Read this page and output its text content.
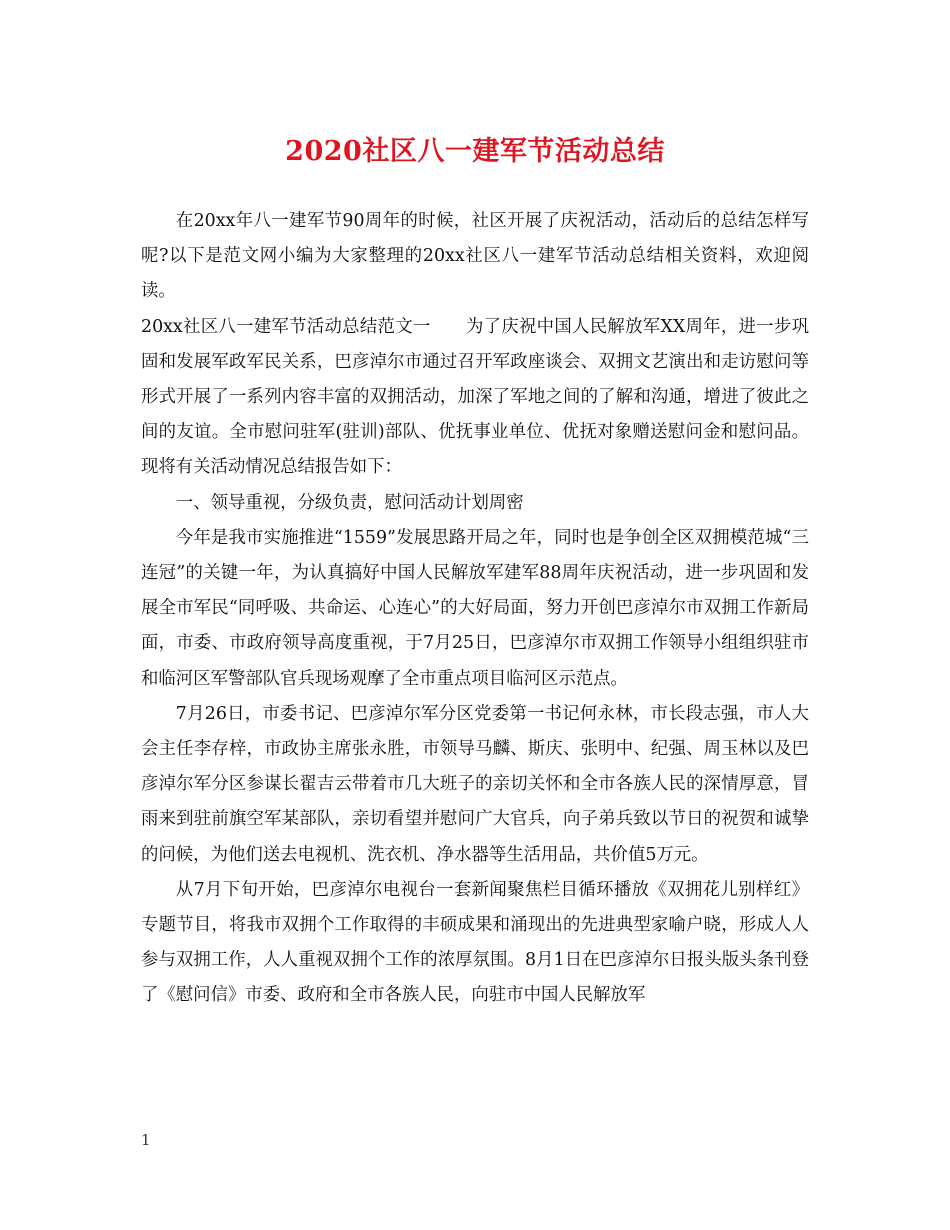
2020社区八一建军节活动总结

在20xx年八一建军节90周年的时候，社区开展了庆祝活动，活动后的总结怎样写呢?以下是范文网小编为大家整理的20xx社区八一建军节活动总结相关资料，欢迎阅读。

20xx社区八一建军节活动总结范文一　　为了庆祝中国人民解放军XX周年，进一步巩固和发展军政军民关系，巴彦淖尔市通过召开军政座谈会、双拥文艺演出和走访慰问等形式开展了一系列内容丰富的双拥活动，加深了军地之间的了解和沟通，增进了彼此之间的友谊。全市慰问驻军(驻训)部队、优抚事业单位、优抚对象赠送慰问金和慰问品。现将有关活动情况总结报告如下：

一、领导重视，分级负责，慰问活动计划周密

今年是我市实施推进“1559”发展思路开局之年，同时也是争创全区双拥模范城“三连冠”的关键一年，为认真搞好中国人民解放军建军88周年庆祝活动，进一步巩固和发展全市军民“同呼吸、共命运、心连心”的大好局面，努力开创巴彦淖尔市双拥工作新局面，市委、市政府领导高度重视，于7月25日，巴彦淖尔市双拥工作领导小组组织驻市和临河区军警部队官兵现场观摩了全市重点项目临河区示范点。

7月26日，市委书记、巴彦淖尔军分区党委第一书记何永林，市长段志强，市人大会主任李存梓，市政协主席张永胜，市领导马麟、斯庆、张明中、纪强、周玉林以及巴彦淖尔军分区参谋长翟吉云带着市几大班子的亲切关怀和全市各族人民的深情厚意，冒雨来到驻前旗空军某部队，亲切看望并慰问广大官兵，向子弟兵致以节日的祝贺和诚挚的问候，为他们送去电视机、洗衣机、净水器等生活用品，共价值5万元。

从7月下旬开始，巴彦淖尔电视台一套新闻聚焦栏目循环播放《双拥花儿别样红》专题节目，将我市双拥个工作取得的丰硕成果和涌现出的先进典型家喻户晓，形成人人参与双拥工作，人人重视双拥个工作的浓厚氛围。8月1日在巴彦淖尔日报头版头条刊登了《慰问信》市委、政府和全市各族人民，向驻市中国人民解放军

1
